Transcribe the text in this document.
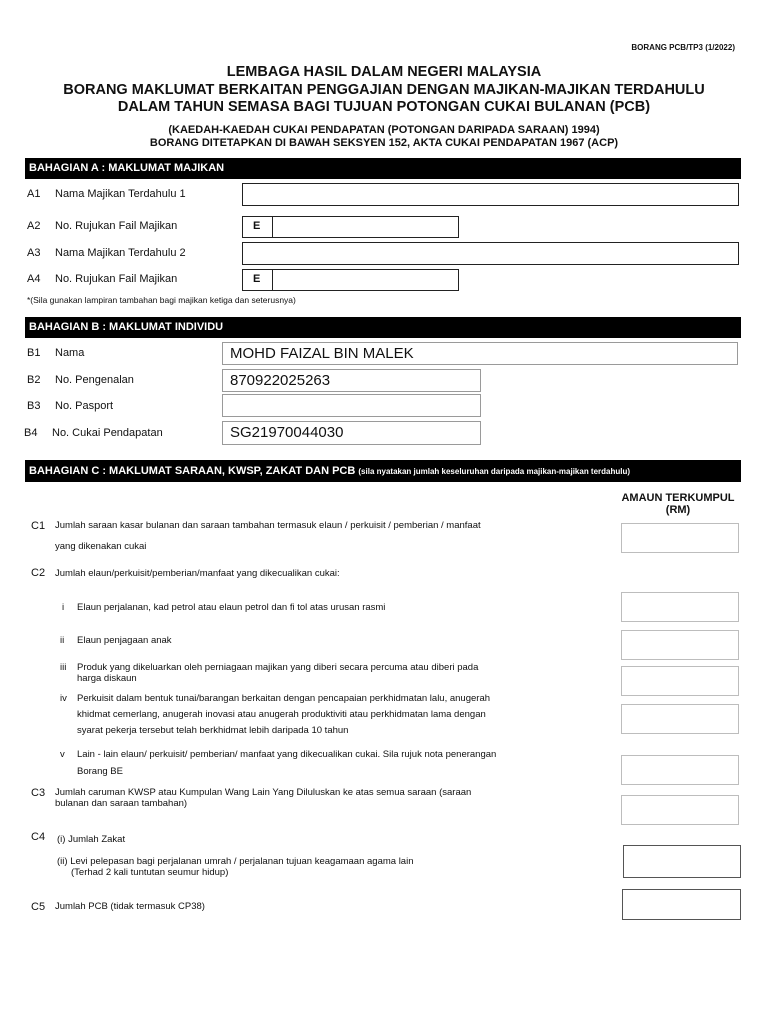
BORANG PCB/TP3 (1/2022)
LEMBAGA HASIL DALAM NEGERI MALAYSIA
BORANG MAKLUMAT BERKAITAN PENGGAJIAN DENGAN MAJIKAN-MAJIKAN TERDAHULU
DALAM TAHUN SEMASA BAGI TUJUAN POTONGAN CUKAI BULANAN (PCB)
(KAEDAH-KAEDAH CUKAI PENDAPATAN (POTONGAN DARIPADA SARAAN) 1994)
BORANG DITETAPKAN DI BAWAH SEKSYEN 152, AKTA CUKAI PENDAPATAN 1967 (ACP)
BAHAGIAN A : MAKLUMAT MAJIKAN
A1 Nama Majikan Terdahulu 1
A2 No. Rujukan Fail Majikan	E
A3 Nama Majikan Terdahulu 2
A4 No. Rujukan Fail Majikan	E
*(Sila gunakan lampiran tambahan bagi majikan ketiga dan seterusnya)
BAHAGIAN B : MAKLUMAT INDIVIDU
B1 Nama	MOHD FAIZAL BIN MALEK
B2 No. Pengenalan	870922025263
B3 No. Pasport
B4 No. Cukai Pendapatan	SG21970044030
BAHAGIAN C : MAKLUMAT SARAAN, KWSP, ZAKAT DAN PCB (sila nyatakan jumlah keseluruhan daripada majikan-majikan terdahulu)
AMAUN TERKUMPUL
(RM)
C1 Jumlah saraan kasar bulanan dan saraan tambahan termasuk elaun / perkuisit / pemberian / manfaat
yang dikenakan cukai
C2 Jumlah elaun/perkuisit/pemberian/manfaat yang dikecualikan cukai:
i Elaun perjalanan, kad petrol atau elaun petrol dan fi tol atas urusan rasmi
ii Elaun penjagaan anak
iii Produk yang dikeluarkan oleh perniagaan majikan yang diberi secara percuma atau diberi pada
harga diskaun
iv Perkuisit dalam bentuk tunai/barangan berkaitan dengan pencapaian perkhidmatan lalu, anugerah
khidmat cemerlang, anugerah inovasi atau anugerah produktiviti atau perkhidmatan lama dengan
syarat pekerja tersebut telah berkhidmat lebih daripada 10 tahun
v Lain - lain elaun/ perkuisit/ pemberian/ manfaat yang dikecualikan cukai. Sila rujuk nota penerangan
Borang BE
C3 Jumlah caruman KWSP atau Kumpulan Wang Lain Yang Diluluskan ke atas semua saraan (saraan
bulanan dan saraan tambahan)
C4 (i) Jumlah Zakat
(ii) Levi pelepasan bagi perjalanan umrah / perjalanan tujuan keagamaan agama lain
(Terhad 2 kali tuntutan seumur hidup)
C5 Jumlah PCB (tidak termasuk CP38)
